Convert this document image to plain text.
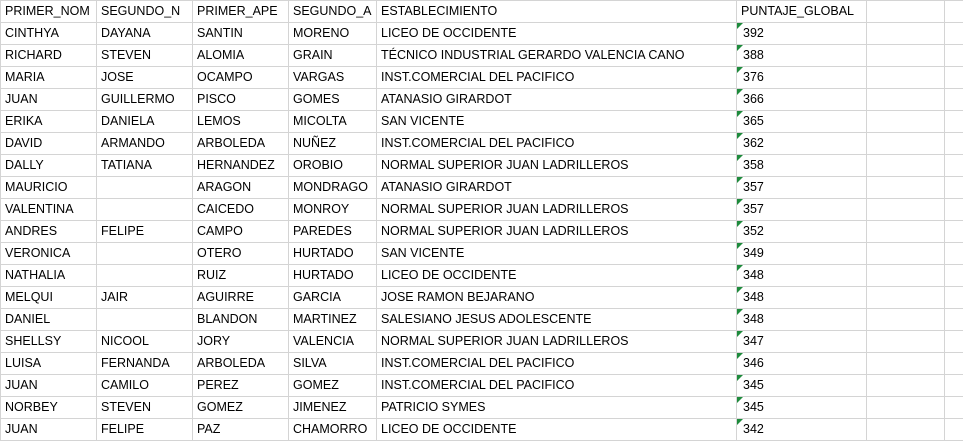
PRIMER_NOM	SEGUNDO_N	PRIMER_APE	SEGUNDO_A	ESTABLECIMIENTO	PUNTAJE_GLOBAL		
CINTHYA	DAYANA	SANTIN	MORENO	LICEO DE OCCIDENTE	392		
RICHARD	STEVEN	ALOMIA	GRAIN	TÉCNICO INDUSTRIAL GERARDO VALENCIA CANO	388		
MARIA	JOSE	OCAMPO	VARGAS	INST.COMERCIAL DEL PACIFICO	376		
JUAN	GUILLERMO	PISCO	GOMES	ATANASIO GIRARDOT	366		
ERIKA	DANIELA	LEMOS	MICOLTA	SAN VICENTE	365		
DAVID	ARMANDO	ARBOLEDA	NUÑEZ	INST.COMERCIAL DEL PACIFICO	362		
DALLY	TATIANA	HERNANDEZ	OROBIO	NORMAL SUPERIOR JUAN LADRILLEROS	358		
MAURICIO		ARAGON	MONDRAGO	ATANASIO GIRARDOT	357		
VALENTINA		CAICEDO	MONROY	NORMAL SUPERIOR JUAN LADRILLEROS	357		
ANDRES	FELIPE	CAMPO	PAREDES	NORMAL SUPERIOR JUAN LADRILLEROS	352		
VERONICA		OTERO	HURTADO	SAN VICENTE	349		
NATHALIA		RUIZ	HURTADO	LICEO DE OCCIDENTE	348		
MELQUI	JAIR	AGUIRRE	GARCIA	JOSE RAMON BEJARANO	348		
DANIEL		BLANDON	MARTINEZ	SALESIANO JESUS ADOLESCENTE	348		
SHELLSY	NICOOL	JORY	VALENCIA	NORMAL SUPERIOR JUAN LADRILLEROS	347		
LUISA	FERNANDA	ARBOLEDA	SILVA	INST.COMERCIAL DEL PACIFICO	346		
JUAN	CAMILO	PEREZ	GOMEZ	INST.COMERCIAL DEL PACIFICO	345		
NORBEY	STEVEN	GOMEZ	JIMENEZ	PATRICIO SYMES	345		
JUAN	FELIPE	PAZ	CHAMORRO	LICEO DE OCCIDENTE	342		
